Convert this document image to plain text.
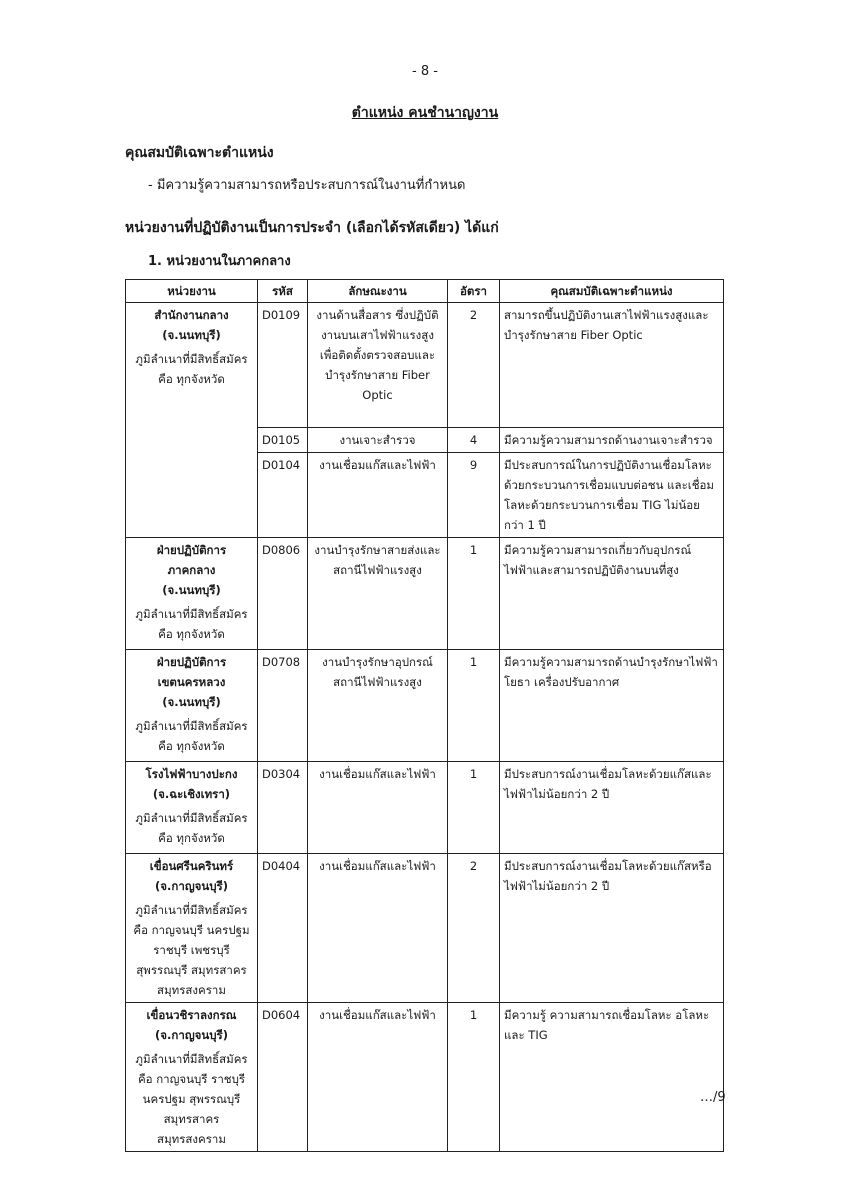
- 8 -
ตำแหน่ง คนชำนาญงาน
คุณสมบัติเฉพาะตำแหน่ง
- มีความรู้ความสามารถหรือประสบการณ์ในงานที่กำหนด
หน่วยงานที่ปฏิบัติงานเป็นการประจำ (เลือกได้รหัสเดียว) ได้แก่
1. หน่วยงานในภาคกลาง
หน่วยงาน	รหัส	ลักษณะงาน	อัตรา	คุณสมบัติเฉพาะตำแหน่ง

สำนักงานกลาง
(จ.นนทบุรี)
ภูมิลำเนาที่มีสิทธิ์สมัคร คือ ทุกจังหวัด	D0109	งานด้านสื่อสาร ซึ่งปฏิบัติงานบนเสาไฟฟ้าแรงสูงเพื่อติดตั้งตรวจสอบและบำรุงรักษาสาย Fiber Optic	2	สามารถขึ้นปฏิบัติงานเสาไฟฟ้าแรงสูงและบำรุงรักษาสาย Fiber Optic
	D0105	งานเจาะสำรวจ	4	มีความรู้ความสามารถด้านงานเจาะสำรวจ
	D0104	งานเชื่อมแก๊สและไฟฟ้า	9	มีประสบการณ์ในการปฏิบัติงานเชื่อมโลหะด้วยกระบวนการเชื่อมแบบต่อชน และเชื่อมโลหะด้วยกระบวนการเชื่อม TIG ไม่น้อยกว่า 1 ปี

ฝ่ายปฏิบัติการ
ภาคกลาง
(จ.นนทบุรี)
ภูมิลำเนาที่มีสิทธิ์สมัคร คือ ทุกจังหวัด	D0806	งานบำรุงรักษาสายส่งและสถานีไฟฟ้าแรงสูง	1	มีความรู้ความสามารถเกี่ยวกับอุปกรณ์ไฟฟ้าและสามารถปฏิบัติงานบนที่สูง

ฝ่ายปฏิบัติการ
เขตนครหลวง
(จ.นนทบุรี)
ภูมิลำเนาที่มีสิทธิ์สมัคร คือ ทุกจังหวัด	D0708	งานบำรุงรักษาอุปกรณ์สถานีไฟฟ้าแรงสูง	1	มีความรู้ความสามารถด้านบำรุงรักษาไฟฟ้าโยธา เครื่องปรับอากาศ

โรงไฟฟ้าบางปะกง
(จ.ฉะเชิงเทรา)
ภูมิลำเนาที่มีสิทธิ์สมัคร คือ ทุกจังหวัด	D0304	งานเชื่อมแก๊สและไฟฟ้า	1	มีประสบการณ์งานเชื่อมโลหะด้วยแก๊สและไฟฟ้าไม่น้อยกว่า 2 ปี

เขื่อนศรีนครินทร์
(จ.กาญจนบุรี)
ภูมิลำเนาที่มีสิทธิ์สมัคร คือ กาญจนบุรี นครปฐม ราชบุรี เพชรบุรี สุพรรณบุรี สมุทรสาคร สมุทรสงคราม	D0404	งานเชื่อมแก๊สและไฟฟ้า	2	มีประสบการณ์งานเชื่อมโลหะด้วยแก๊สหรือไฟฟ้าไม่น้อยกว่า 2 ปี

เขื่อนวชิราลงกรณ
(จ.กาญจนบุรี)
ภูมิลำเนาที่มีสิทธิ์สมัคร คือ กาญจนบุรี ราชบุรี นครปฐม สุพรรณบุรี สมุทรสาคร สมุทรสงคราม	D0604	งานเชื่อมแก๊สและไฟฟ้า	1	มีความรู้ ความสามารถเชื่อมโลหะ อโลหะ และ TIG
…/9
